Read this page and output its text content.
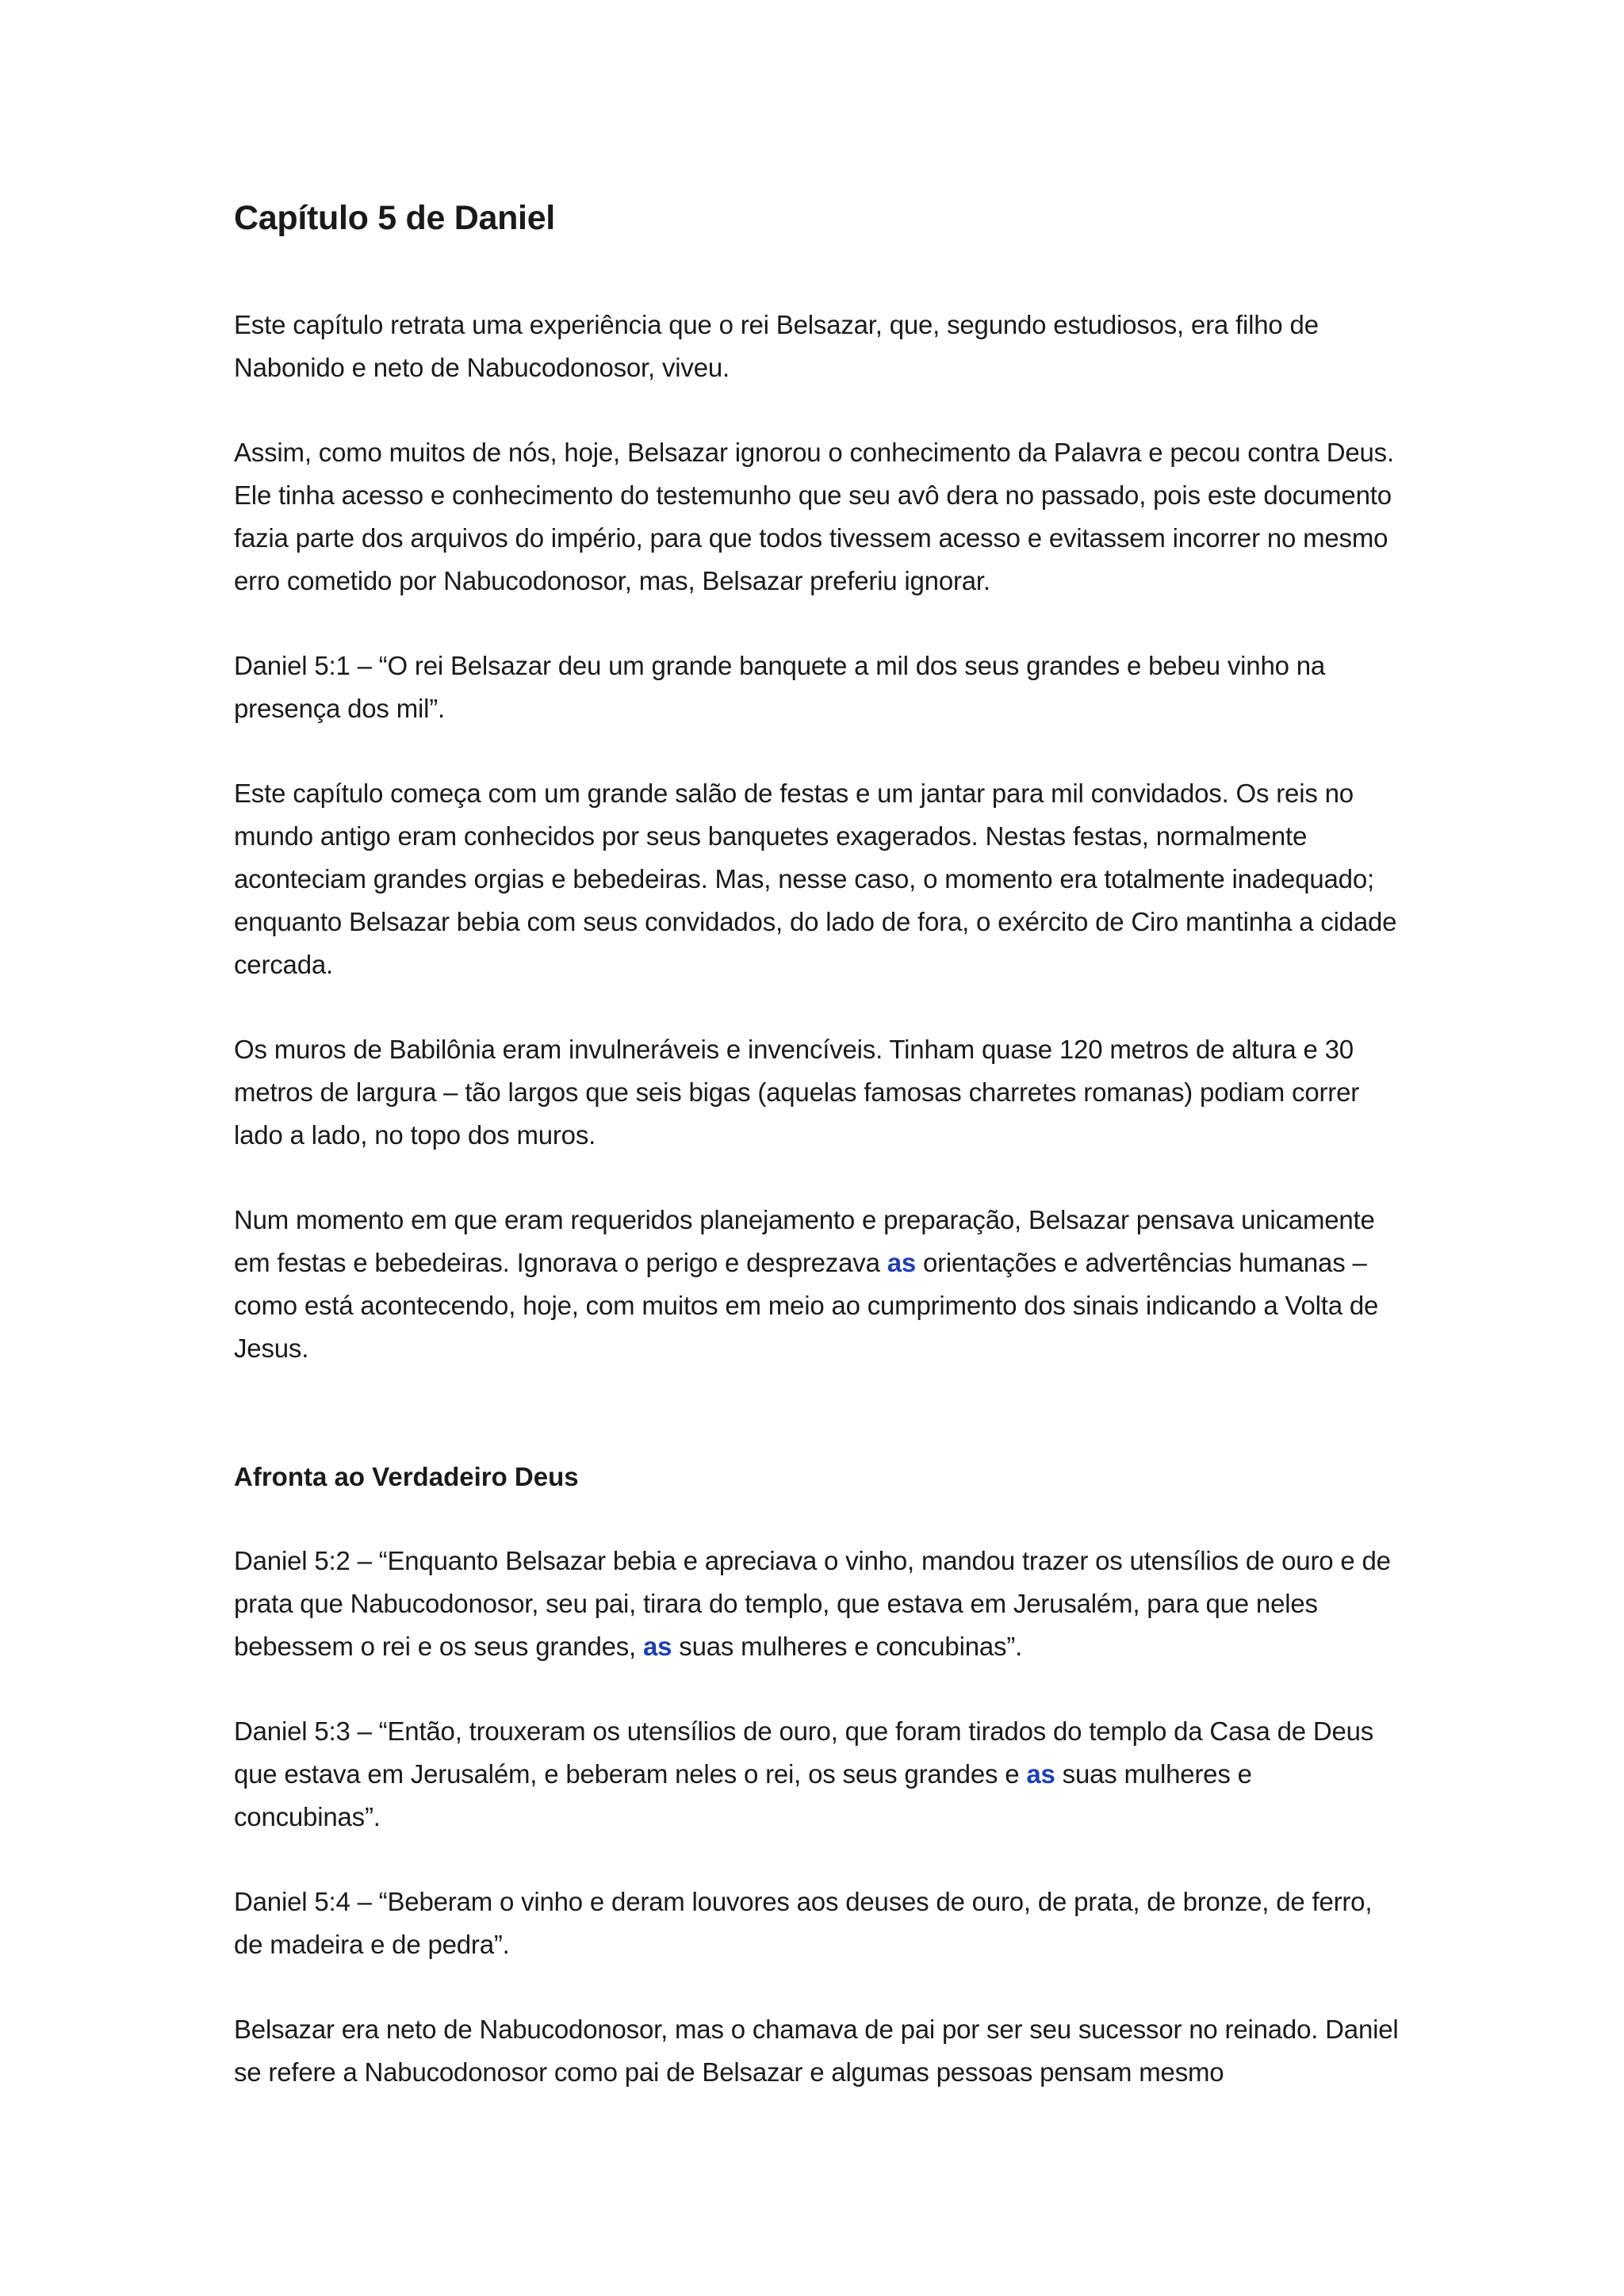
Capítulo 5 de Daniel

Este capítulo retrata uma experiência que o rei Belsazar, que, segundo estudiosos, era filho de Nabonido e neto de Nabucodonosor, viveu.

Assim, como muitos de nós, hoje, Belsazar ignorou o conhecimento da Palavra e pecou contra Deus. Ele tinha acesso e conhecimento do testemunho que seu avô dera no passado, pois este documento fazia parte dos arquivos do império, para que todos tivessem acesso e evitassem incorrer no mesmo erro cometido por Nabucodonosor, mas, Belsazar preferiu ignorar.

Daniel 5:1 – “O rei Belsazar deu um grande banquete a mil dos seus grandes e bebeu vinho na presença dos mil”.

Este capítulo começa com um grande salão de festas e um jantar para mil convidados. Os reis no mundo antigo eram conhecidos por seus banquetes exagerados. Nestas festas, normalmente aconteciam grandes orgias e bebedeiras. Mas, nesse caso, o momento era totalmente inadequado; enquanto Belsazar bebia com seus convidados, do lado de fora, o exército de Ciro mantinha a cidade cercada.

Os muros de Babilônia eram invulneráveis e invencíveis. Tinham quase 120 metros de altura e 30 metros de largura – tão largos que seis bigas (aquelas famosas charretes romanas) podiam correr lado a lado, no topo dos muros.

Num momento em que eram requeridos planejamento e preparação, Belsazar pensava unicamente em festas e bebedeiras. Ignorava o perigo e desprezava as orientações e advertências humanas – como está acontecendo, hoje, com muitos em meio ao cumprimento dos sinais indicando a Volta de Jesus.

Afronta ao Verdadeiro Deus

Daniel 5:2 – “Enquanto Belsazar bebia e apreciava o vinho, mandou trazer os utensílios de ouro e de prata que Nabucodonosor, seu pai, tirara do templo, que estava em Jerusalém, para que neles bebessem o rei e os seus grandes, as suas mulheres e concubinas”.

Daniel 5:3 – “Então, trouxeram os utensílios de ouro, que foram tirados do templo da Casa de Deus que estava em Jerusalém, e beberam neles o rei, os seus grandes e as suas mulheres e concubinas”.

Daniel 5:4 – “Beberam o vinho e deram louvores aos deuses de ouro, de prata, de bronze, de ferro, de madeira e de pedra”.

Belsazar era neto de Nabucodonosor, mas o chamava de pai por ser seu sucessor no reinado. Daniel se refere a Nabucodonosor como pai de Belsazar e algumas pessoas pensam mesmo
